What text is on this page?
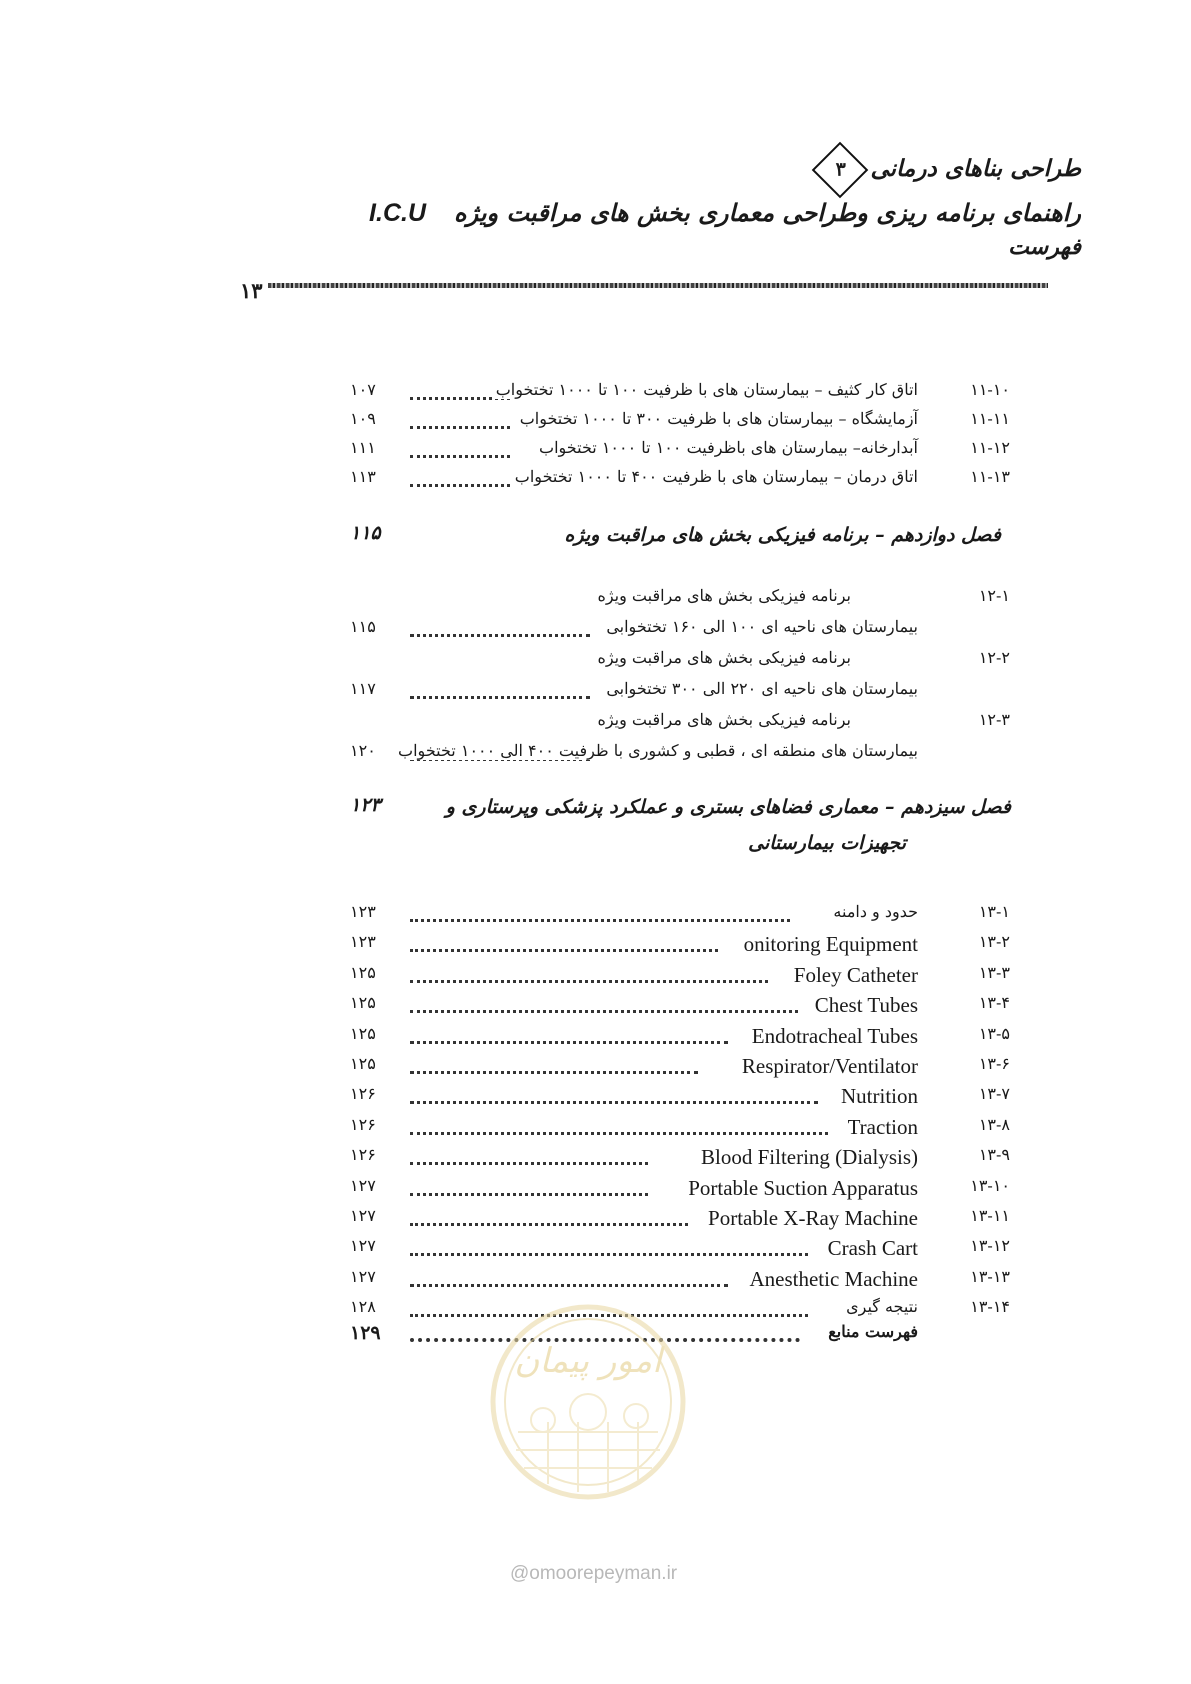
طراحی بناهای درمانی
۳
راهنمای برنامه ریزی وطراحی معماری بخش های مراقبت ویژهI.C.U
فهرست
۱۳
۱۱-۱۰
اتاق کار کثیف – بیمارستان های با ظرفیت ۱۰۰ تا ۱۰۰۰ تختخواب
۱۰۷
۱۱-۱۱
آزمایشگاه – بیمارستان های با ظرفیت ۳۰۰ تا ۱۰۰۰ تختخواب
۱۰۹
۱۱-۱۲
آبدارخانه– بیمارستان های باظرفیت ۱۰۰ تا ۱۰۰۰ تختخواب
۱۱۱
۱۱-۱۳
اتاق درمان – بیمارستان های با ظرفیت ۴۰۰ تا ۱۰۰۰ تختخواب
۱۱۳
فصل دوازدهم – برنامه فیزیکی بخش های مراقبت ویژه
۱۱۵
۱۲-۱
برنامه فیزیکی بخش های مراقبت ویژه
بیمارستان های ناحیه ای ۱۰۰ الی ۱۶۰ تختخوابی
۱۱۵
۱۲-۲
برنامه فیزیکی بخش های مراقبت ویژه
بیمارستان های ناحیه ای ۲۲۰ الی ۳۰۰ تختخوابی
۱۱۷
۱۲-۳
برنامه فیزیکی بخش های مراقبت ویژه
بیمارستان های منطقه ای ، قطبی و کشوری با ظرفیت ۴۰۰ الی ۱۰۰۰ تختخواب
۱۲۰
فصل سیزدهم – معماری فضاهای بستری و عملکرد پزشکی وپرستاری و
تجهیزات بیمارستانی
۱۲۳
۱۳-۱
حدود و دامنه
۱۲۳
۱۳-۲
onitoring Equipment
۱۲۳
۱۳-۳
Foley Catheter
۱۲۵
۱۳-۴
Chest Tubes
۱۲۵
۱۳-۵
Endotracheal Tubes
۱۲۵
۱۳-۶
Respirator/Ventilator
۱۲۵
۱۳-۷
Nutrition
۱۲۶
۱۳-۸
Traction
۱۲۶
۱۳-۹
Blood Filtering (Dialysis)
۱۲۶
۱۳-۱۰
Portable Suction Apparatus
۱۲۷
۱۳-۱۱
Portable X-Ray Machine
۱۲۷
۱۳-۱۲
Crash Cart
۱۲۷
۱۳-۱۳
Anesthetic Machine
۱۲۷
۱۳-۱۴
نتیجه گیری
۱۲۸
فهرست منابع
۱۲۹
امور پیمان
@omoorepeyman.ir
